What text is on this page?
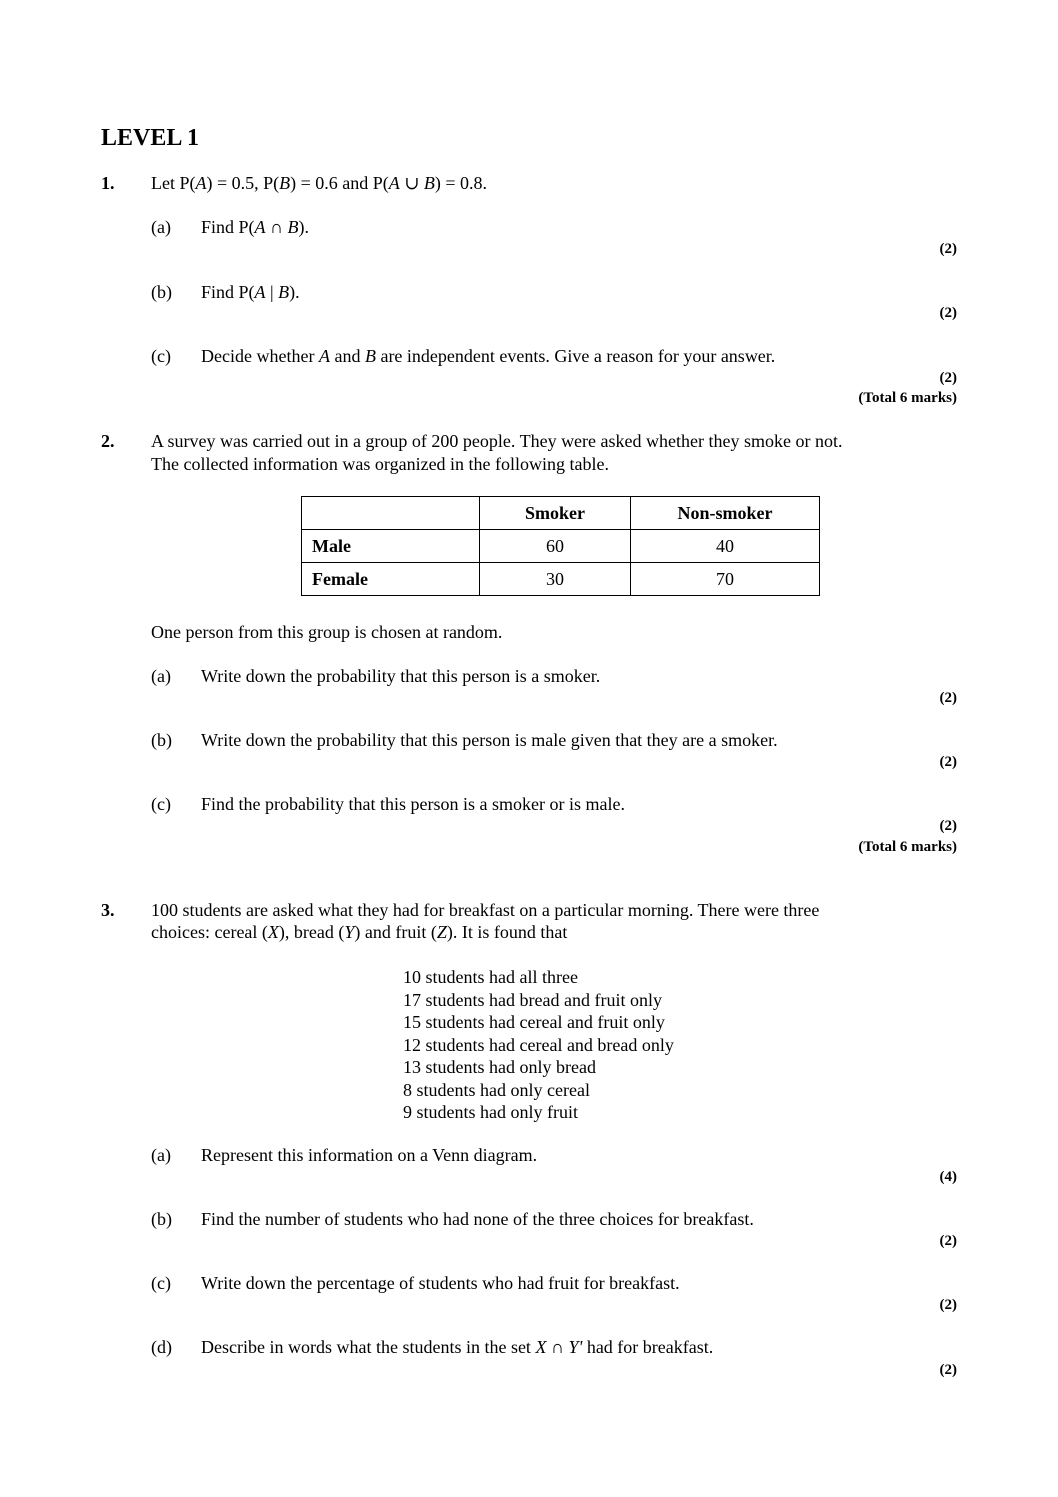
LEVEL 1
1. Let P(A) = 0.5, P(B) = 0.6 and P(A ∪ B) = 0.8.
(a) Find P(A ∩ B).
(2)
(b) Find P(A | B).
(2)
(c) Decide whether A and B are independent events. Give a reason for your answer.
(2)
(Total 6 marks)
2. A survey was carried out in a group of 200 people. They were asked whether they smoke or not.
The collected information was organized in the following table.
	Smoker	Non-smoker
Male	60	40
Female	30	70
One person from this group is chosen at random.
(a) Write down the probability that this person is a smoker.
(2)
(b) Write down the probability that this person is male given that they are a smoker.
(2)
(c) Find the probability that this person is a smoker or is male.
(2)
(Total 6 marks)
3. 100 students are asked what they had for breakfast on a particular morning. There were three
choices: cereal (X), bread (Y) and fruit (Z). It is found that
10 students had all three
17 students had bread and fruit only
15 students had cereal and fruit only
12 students had cereal and bread only
13 students had only bread
8 students had only cereal
9 students had only fruit
(a) Represent this information on a Venn diagram.
(4)
(b) Find the number of students who had none of the three choices for breakfast.
(2)
(c) Write down the percentage of students who had fruit for breakfast.
(2)
(d) Describe in words what the students in the set X ∩ Y' had for breakfast.
(2)
